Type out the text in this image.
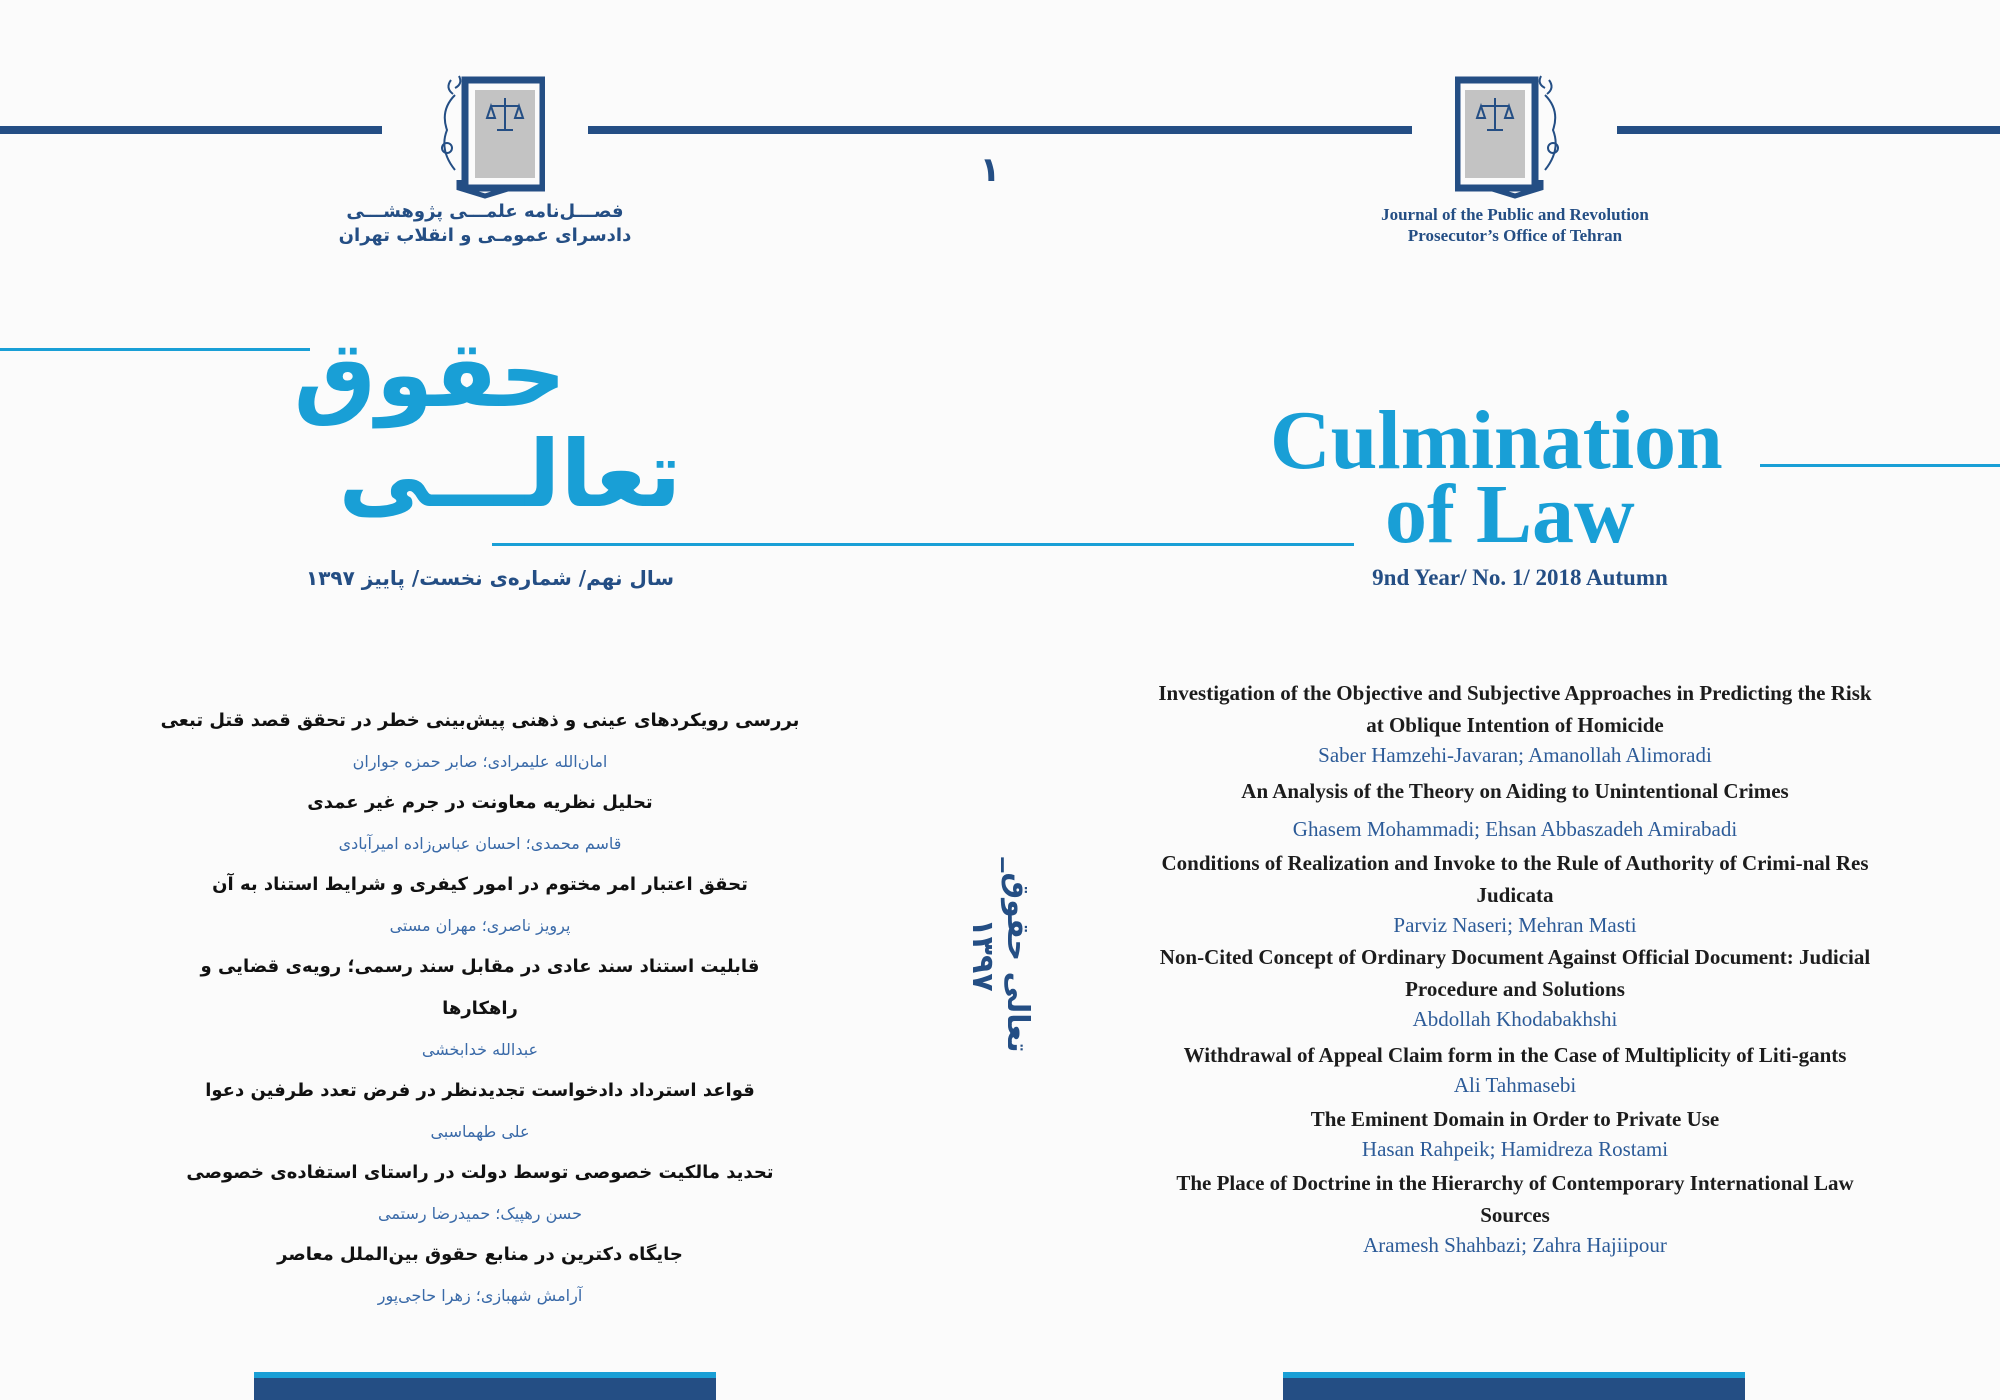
۱
فصـــل‌نامه علمـــی پژوهشـــی
دادسرای عمومـی و انقلاب تهران
Journal of the Public and Revolution
Prosecutor’s Office of Tehran
حقوق
تعالـــی	Culmination
of Law
سال نهم/ شماره‌ی نخست/ پاییز ۱۳۹۷	9nd Year/ No. 1/ 2018 Autumn
بررسی رویکردهای عینی و ذهنی پیش‌بینی خطر در تحقق قصد قتل تبعی
امان‌الله علیمرادی؛ صابر حمزه جواران
تحلیل نظریه معاونت در جرم غیر عمدی
قاسم محمدی؛ احسان عباس‌زاده امیرآبادی
تحقق اعتبار امر مختوم در امور کیفری و شرایط استناد به آن
پرویز ناصری؛ مهران مستی
قابلیت استناد سند عادی در مقابل سند رسمی؛ رویه‌ی قضایی و راهکارها
عبدالله خدابخشی
قواعد استرداد دادخواست تجدیدنظر در فرض تعدد طرفین دعوا
علی طهماسبی
تحدید مالکیت خصوصی توسط دولت در راستای استفاده‌ی خصوصی
حسن رهپیک؛ حمیدرضا رستمی
جایگاه دکترین در منابع حقوق بین‌الملل معاصر
آرامش شهبازی؛ زهرا حاجی‌پور
تعالی حقوق_ ۱۳۹۷
Investigation of the Objective and Subjective Approaches in Predicting the Risk at Oblique Intention of Homicide
Saber Hamzehi-Javaran; Amanollah Alimoradi
An Analysis of the Theory on Aiding to Unintentional Crimes
Ghasem Mohammadi; Ehsan Abbaszadeh Amirabadi
Conditions of Realization and Invoke to the Rule of Authority of Crimi-nal Res Judicata
Parviz Naseri; Mehran Masti
Non-Cited Concept of Ordinary Document Against Official Document: Judicial Procedure and Solutions
Abdollah Khodabakhshi
Withdrawal of Appeal Claim form in the Case of Multiplicity of Liti-gants
Ali Tahmasebi
The Eminent Domain in Order to Private Use
Hasan Rahpeik; Hamidreza Rostami
The Place of Doctrine in the Hierarchy of Contemporary International Law Sources
Aramesh Shahbazi; Zahra Hajiipour
